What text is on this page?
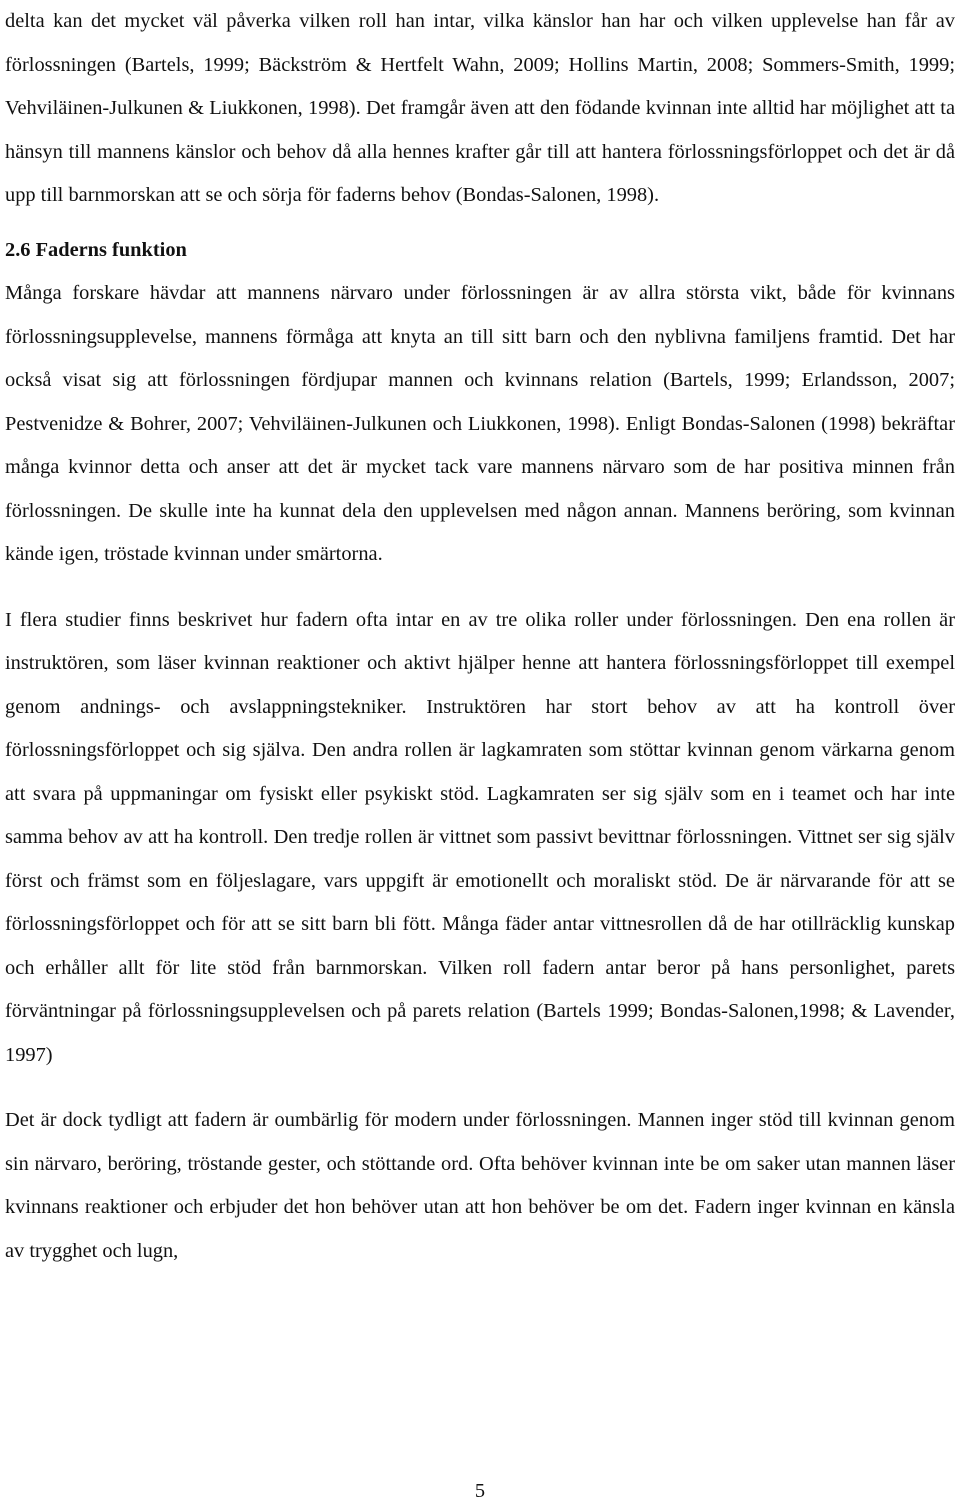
delta kan det mycket väl påverka vilken roll han intar, vilka känslor han har och vilken upplevelse han får av förlossningen (Bartels, 1999; Bäckström & Hertfelt Wahn, 2009; Hollins Martin, 2008; Sommers-Smith, 1999; Vehviläinen-Julkunen & Liukkonen, 1998). Det framgår även att den födande kvinnan inte alltid har möjlighet att ta hänsyn till mannens känslor och behov då alla hennes krafter går till att hantera förlossningsförloppet och det är då upp till barnmorskan att se och sörja för faderns behov (Bondas-Salonen, 1998).

2.6 Faderns funktion

Många forskare hävdar att mannens närvaro under förlossningen är av allra största vikt, både för kvinnans förlossningsupplevelse, mannens förmåga att knyta an till sitt barn och den nyblivna familjens framtid. Det har också visat sig att förlossningen fördjupar mannen och kvinnans relation (Bartels, 1999; Erlandsson, 2007; Pestvenidze & Bohrer, 2007; Vehviläinen-Julkunen och Liukkonen, 1998). Enligt Bondas-Salonen (1998) bekräftar många kvinnor detta och anser att det är mycket tack vare mannens närvaro som de har positiva minnen från förlossningen. De skulle inte ha kunnat dela den upplevelsen med någon annan. Mannens beröring, som kvinnan kände igen, tröstade kvinnan under smärtorna.

I flera studier finns beskrivet hur fadern ofta intar en av tre olika roller under förlossningen. Den ena rollen är instruktören, som läser kvinnan reaktioner och aktivt hjälper henne att hantera förlossningsförloppet till exempel genom andnings- och avslappningstekniker. Instruktören har stort behov av att ha kontroll över förlossningsförloppet och sig själva. Den andra rollen är lagkamraten som stöttar kvinnan genom värkarna genom att svara på uppmaningar om fysiskt eller psykiskt stöd. Lagkamraten ser sig själv som en i teamet och har inte samma behov av att ha kontroll. Den tredje rollen är vittnet som passivt bevittnar förlossningen. Vittnet ser sig själv först och främst som en följeslagare, vars uppgift är emotionellt och moraliskt stöd. De är närvarande för att se förlossningsförloppet och för att se sitt barn bli fött. Många fäder antar vittnesrollen då de har otillräcklig kunskap och erhåller allt för lite stöd från barnmorskan. Vilken roll fadern antar beror på hans personlighet, parets förväntningar på förlossningsupplevelsen och på parets relation (Bartels 1999; Bondas-Salonen,1998; & Lavender, 1997)

Det är dock tydligt att fadern är oumbärlig för modern under förlossningen. Mannen inger stöd till kvinnan genom sin närvaro, beröring, tröstande gester, och stöttande ord. Ofta behöver kvinnan inte be om saker utan mannen läser kvinnans reaktioner och erbjuder det hon behöver utan att hon behöver be om det. Fadern inger kvinnan en känsla av trygghet och lugn,

5
